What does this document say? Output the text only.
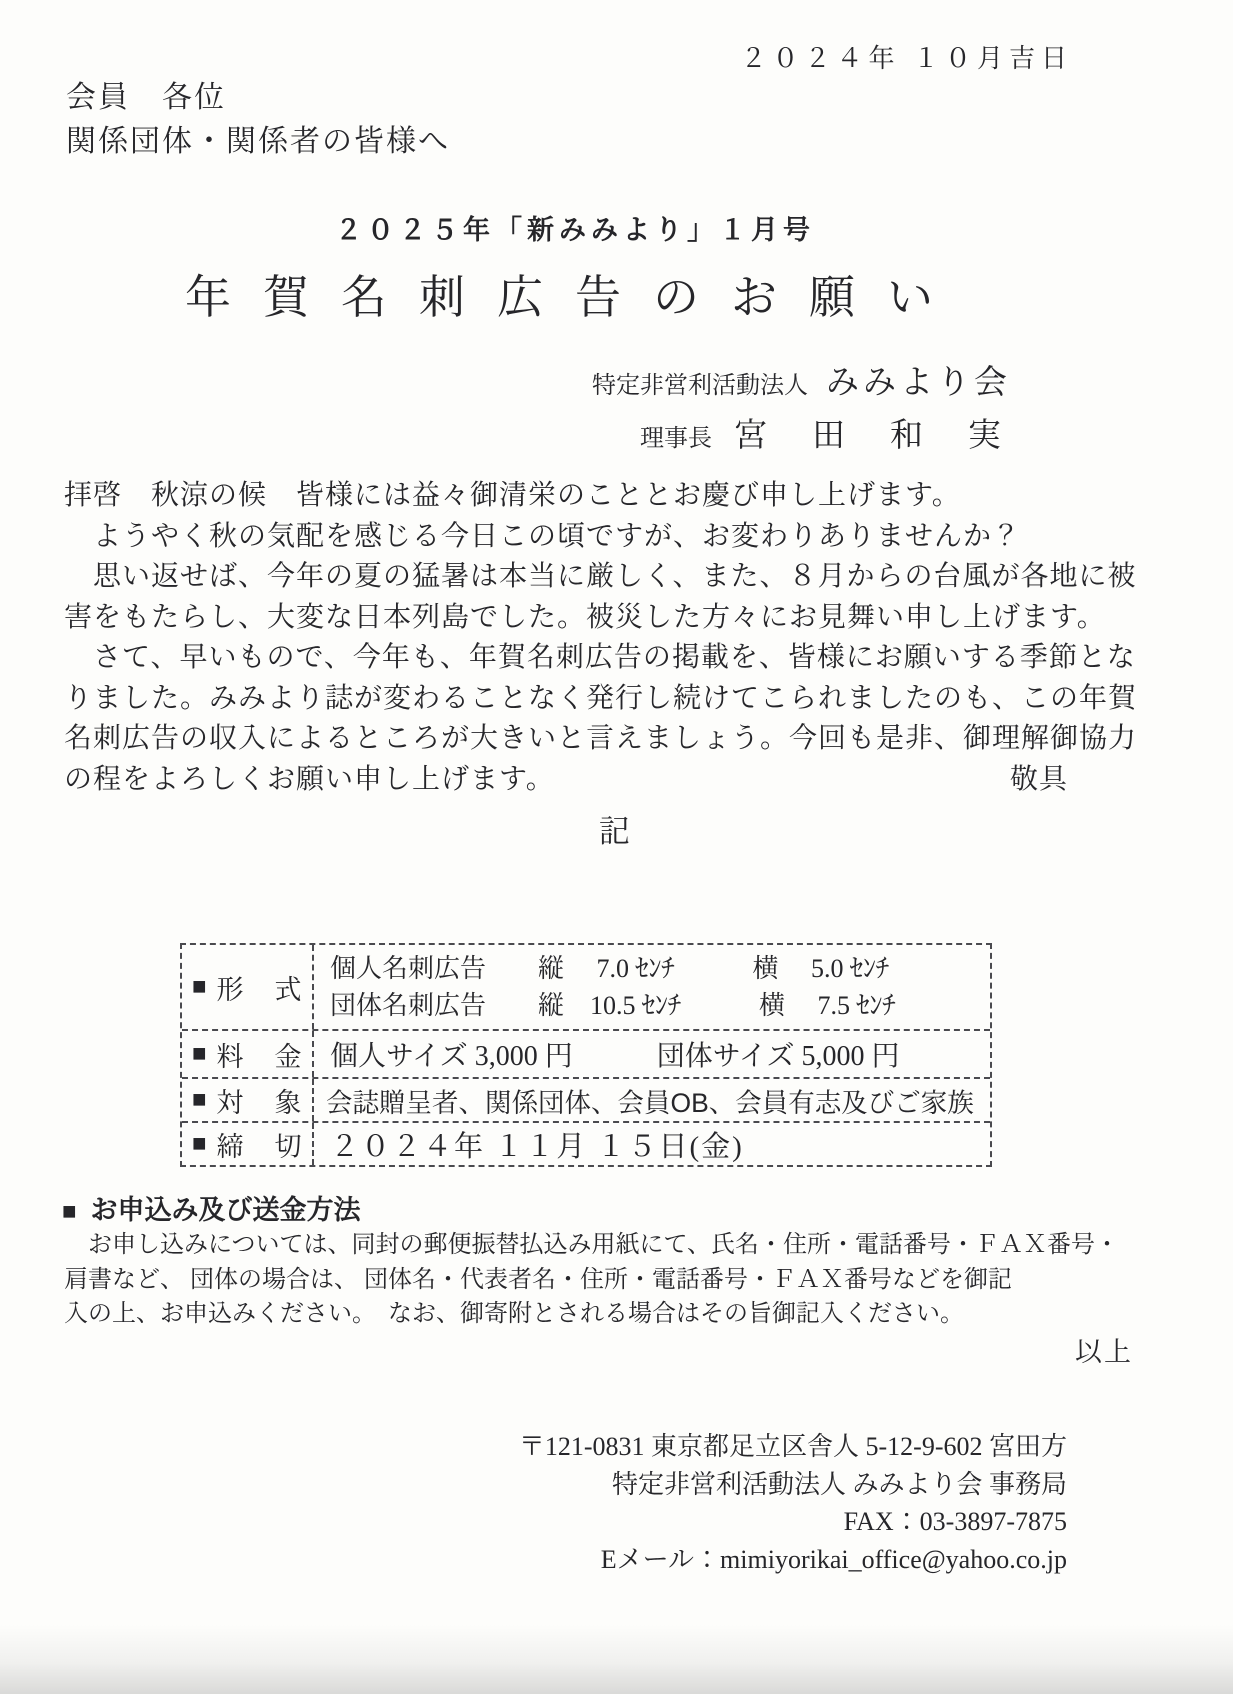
２０２４年 １０月吉日
会員　各位
関係団体・関係者の皆様へ
２０２５年「新みみより」１月号
年賀名刺広告のお願い
特定非営利活動法人 みみより会
理事長 宮　田　和　実
拝啓　秋涼の候　皆様には益々御清栄のこととお慶び申し上げます。
　ようやく秋の気配を感じる今日この頃ですが、お変わりありませんか？
　思い返せば、今年の夏の猛暑は本当に厳しく、また、８月からの台風が各地に被
害をもたらし、大変な日本列島でした。被災した方々にお見舞い申し上げます。
　さて、早いもので、今年も、年賀名刺広告の掲載を、皆様にお願いする季節とな
りました。みみより誌が変わることなく発行し続けてこられましたのも、この年賀
名刺広告の収入によるところが大きいと言えましょう。今回も是非、御理解御協力
の程をよろしくお願い申し上げます。	敬具
記
■ 形　式
個人名刺広告　　縦　 7.0 ｾﾝﾁ　　　横　 5.0 ｾﾝﾁ
団体名刺広告　　縦　10.5 ｾﾝﾁ　　　横　 7.5 ｾﾝﾁ
■ 料　金 個人サイズ 3,000 円　　　団体サイズ 5,000 円
■ 対　象 会誌贈呈者、関係団体、会員OB、会員有志及びご家族
■ 締　切 ２０２４年 １１月 １５日(金)
■ お申込み及び送金方法
　お申し込みについては、同封の郵便振替払込み用紙にて、氏名・住所・電話番号・ＦＡＸ番号・
肩書など、 団体の場合は、 団体名・代表者名・住所・電話番号・ＦＡＸ番号などを御記
入の上、お申込みください。　なお、御寄附とされる場合はその旨御記入ください。
以上
〒121-0831 東京都足立区舎人 5-12-9-602 宮田方
特定非営利活動法人 みみより会 事務局
FAX：03-3897-7875
Eメール：mimiyorikai_office@yahoo.co.jp
